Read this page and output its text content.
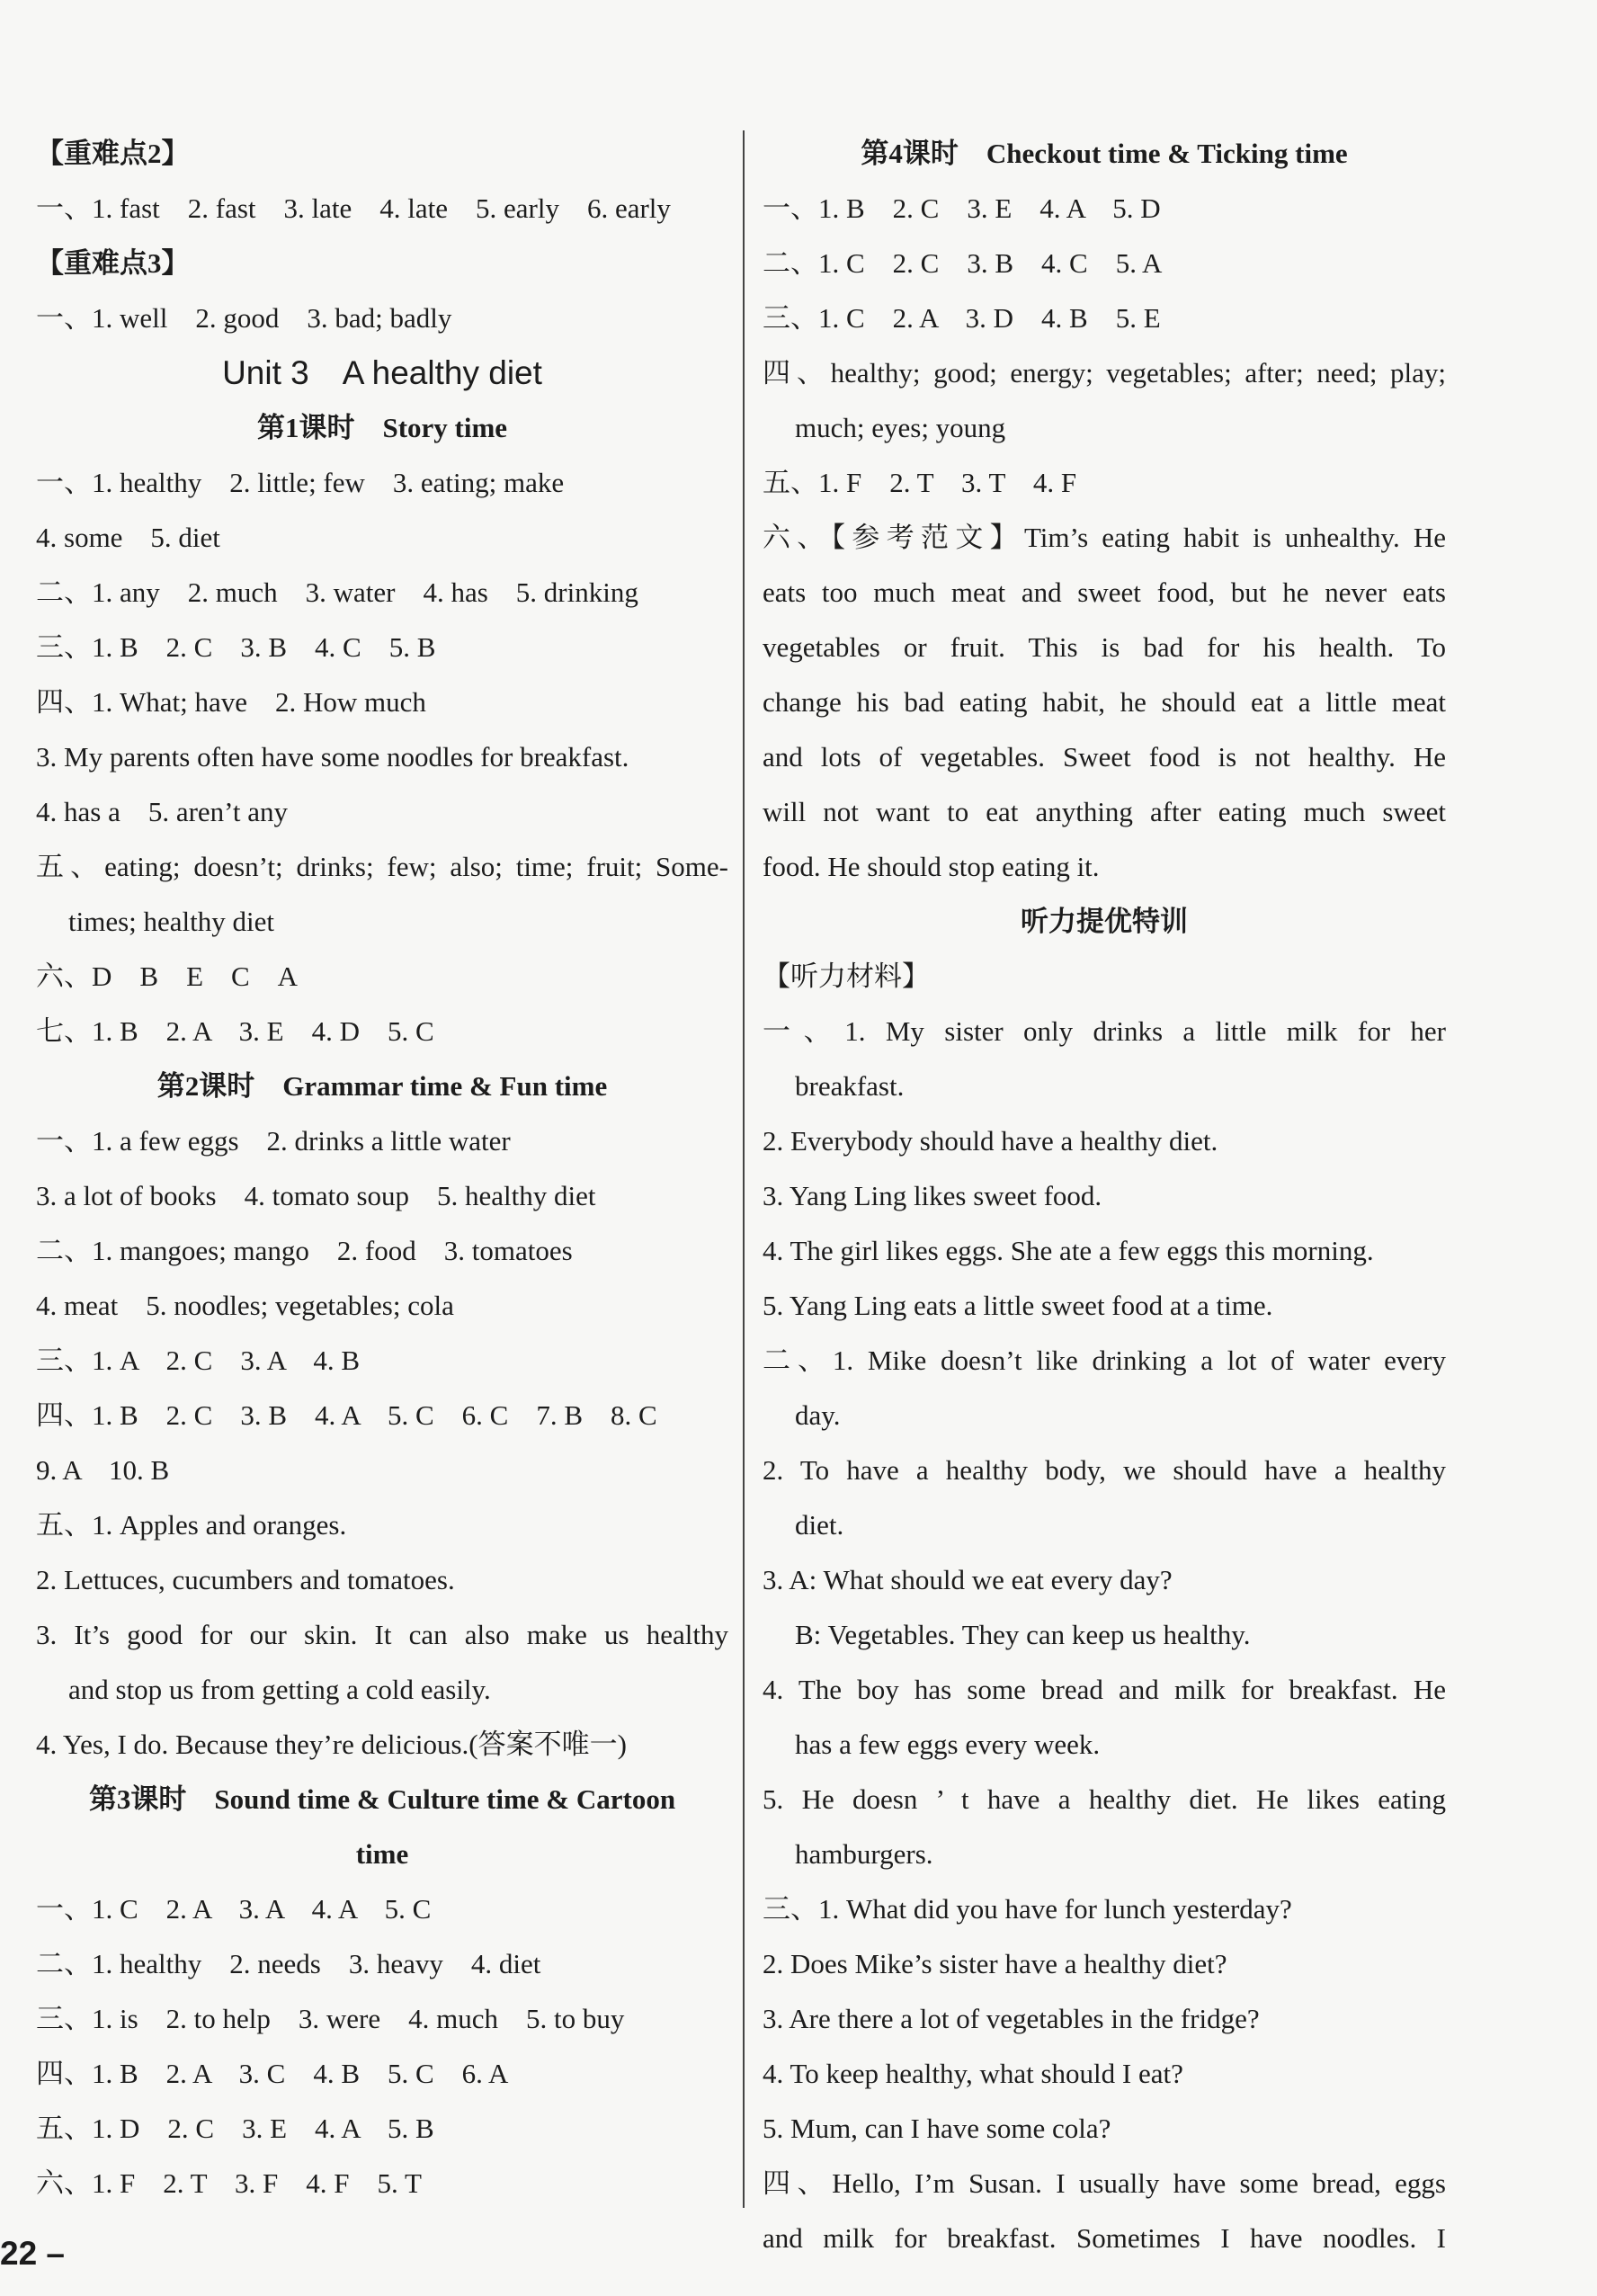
【重难点2】
一、1. fast　2. fast　3. late　4. late　5. early　6. early
【重难点3】
一、1. well　2. good　3. bad; badly
Unit 3　A healthy diet
第1课时　Story time
一、1. healthy　2. little; few　3. eating; make
4. some　5. diet
二、1. any　2. much　3. water　4. has　5. drinking
三、1. B　2. C　3. B　4. C　5. B
四、1. What; have　2. How much
3. My parents often have some noodles for breakfast.
4. has a　5. aren’t any
五、eating; doesn’t; drinks; few; also; time; fruit; Some-
times; healthy diet
六、D　B　E　C　A
七、1. B　2. A　3. E　4. D　5. C
第2课时　Grammar time & Fun time
一、1. a few eggs　2. drinks a little water
3. a lot of books　4. tomato soup　5. healthy diet
二、1. mangoes; mango　2. food　3. tomatoes
4. meat　5. noodles; vegetables; cola
三、1. A　2. C　3. A　4. B
四、1. B　2. C　3. B　4. A　5. C　6. C　7. B　8. C
9. A　10. B
五、1. Apples and oranges.
2. Lettuces, cucumbers and tomatoes.
3. It’s good for our skin. It can also make us healthy
and stop us from getting a cold easily.
4. Yes, I do. Because they’re delicious.(答案不唯一)
第3课时　Sound time & Culture time & Cartoon
time
一、1. C　2. A　3. A　4. A　5. C
二、1. healthy　2. needs　3. heavy　4. diet
三、1. is　2. to help　3. were　4. much　5. to buy
四、1. B　2. A　3. C　4. B　5. C　6. A
五、1. D　2. C　3. E　4. A　5. B
六、1. F　2. T　3. F　4. F　5. T
第4课时　Checkout time & Ticking time
一、1. B　2. C　3. E　4. A　5. D
二、1. C　2. C　3. B　4. C　5. A
三、1. C　2. A　3. D　4. B　5. E
四、healthy; good; energy; vegetables; after; need; play;
much; eyes; young
五、1. F　2. T　3. T　4. F
六、【参考范文】Tim’s eating habit is unhealthy. He
eats too much meat and sweet food, but he never eats
vegetables or fruit. This is bad for his health. To
change his bad eating habit, he should eat a little meat
and lots of vegetables. Sweet food is not healthy. He
will not want to eat anything after eating much sweet
food. He should stop eating it.
听力提优特训
【听力材料】
一、1. My sister only drinks a little milk for her
breakfast.
2. Everybody should have a healthy diet.
3. Yang Ling likes sweet food.
4. The girl likes eggs. She ate a few eggs this morning.
5. Yang Ling eats a little sweet food at a time.
二、1. Mike doesn’t like drinking a lot of water every
day.
2. To have a healthy body, we should have a healthy
diet.
3. A: What should we eat every day?
B: Vegetables. They can keep us healthy.
4. The boy has some bread and milk for breakfast. He
has a few eggs every week.
5. He doesn ’ t have a healthy diet. He likes eating
hamburgers.
三、1. What did you have for lunch yesterday?
2. Does Mike’s sister have a healthy diet?
3. Are there a lot of vegetables in the fridge?
4. To keep healthy, what should I eat?
5. Mum, can I have some cola?
四、Hello, I’m Susan. I usually have some bread, eggs
and milk for breakfast. Sometimes I have noodles. I
22 –
